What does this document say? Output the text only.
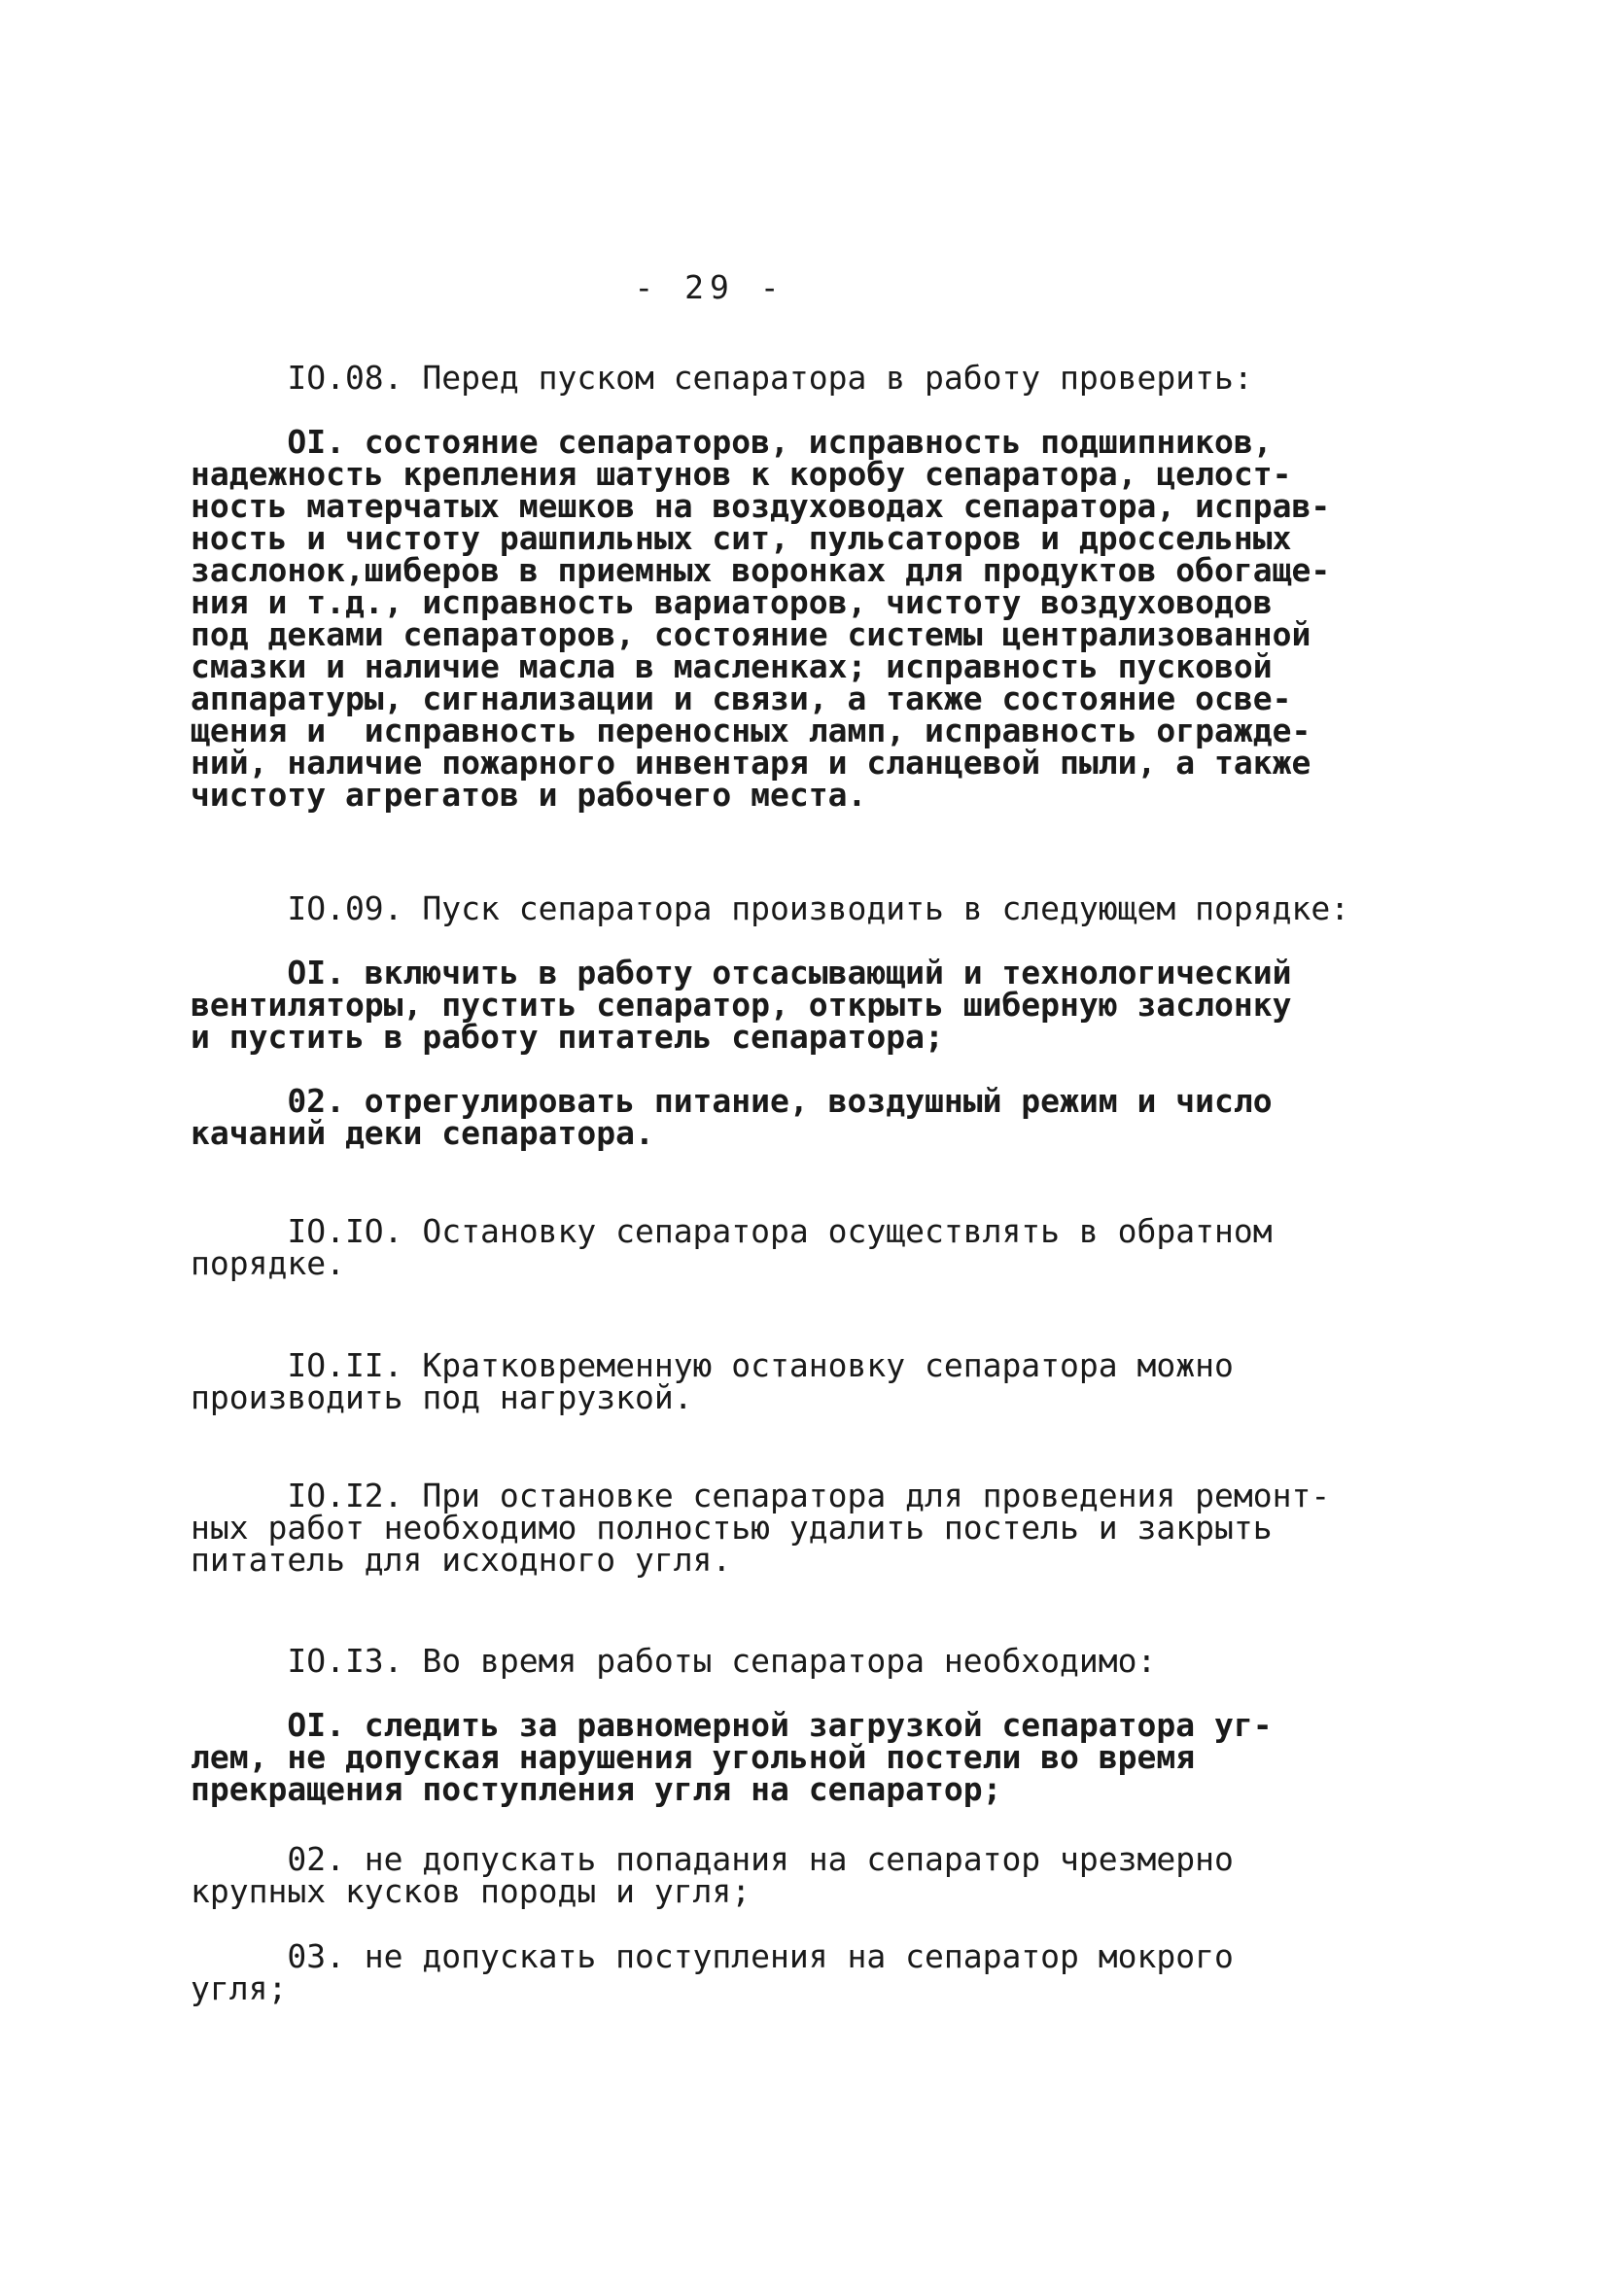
- 29 -

IO.08. Перед пуском сепаратора в работу проверить:

OI. состояние сепараторов, исправность подшипников,
надежность крепления шатунов к коробу сепаратора, целост-
ность матерчатых мешков на воздуховодах сепаратора, исправ-
ность и чистоту рашпильных сит, пульсаторов и дроссельных
заслонок,шиберов в приемных воронках для продуктов обогаще-
ния и т.д., исправность вариаторов, чистоту воздуховодов
под деками сепараторов, состояние системы централизованной
смазки и наличие масла в масленках; исправность пусковой
аппаратуры, сигнализации и связи, а также состояние осве-
щения и  исправность переносных ламп, исправность огражде-
ний, наличие пожарного инвентаря и сланцевой пыли, а также
чистоту агрегатов и рабочего места.

IO.09. Пуск сепаратора производить в следующем порядке:

OI. включить в работу отсасывающий и технологический
вентиляторы, пустить сепаратор, открыть шиберную заслонку
и пустить в работу питатель сепаратора;

02. отрегулировать питание, воздушный режим и число
качаний деки сепаратора.

IO.IO. Остановку сепаратора осуществлять в обратном
порядке.

IO.II. Кратковременную остановку сепаратора можно
производить под нагрузкой.

IO.I2. При остановке сепаратора для проведения ремонт-
ных работ необходимо полностью удалить постель и закрыть
питатель для исходного угля.

IO.I3. Во время работы сепаратора необходимо:

OI. следить за равномерной загрузкой сепаратора уг-
лем, не допуская нарушения угольной постели во время
прекращения поступления угля на сепаратор;

02. не допускать попадания на сепаратор чрезмерно
крупных кусков породы и угля;

03. не допускать поступления на сепаратор мокрого
угля;
